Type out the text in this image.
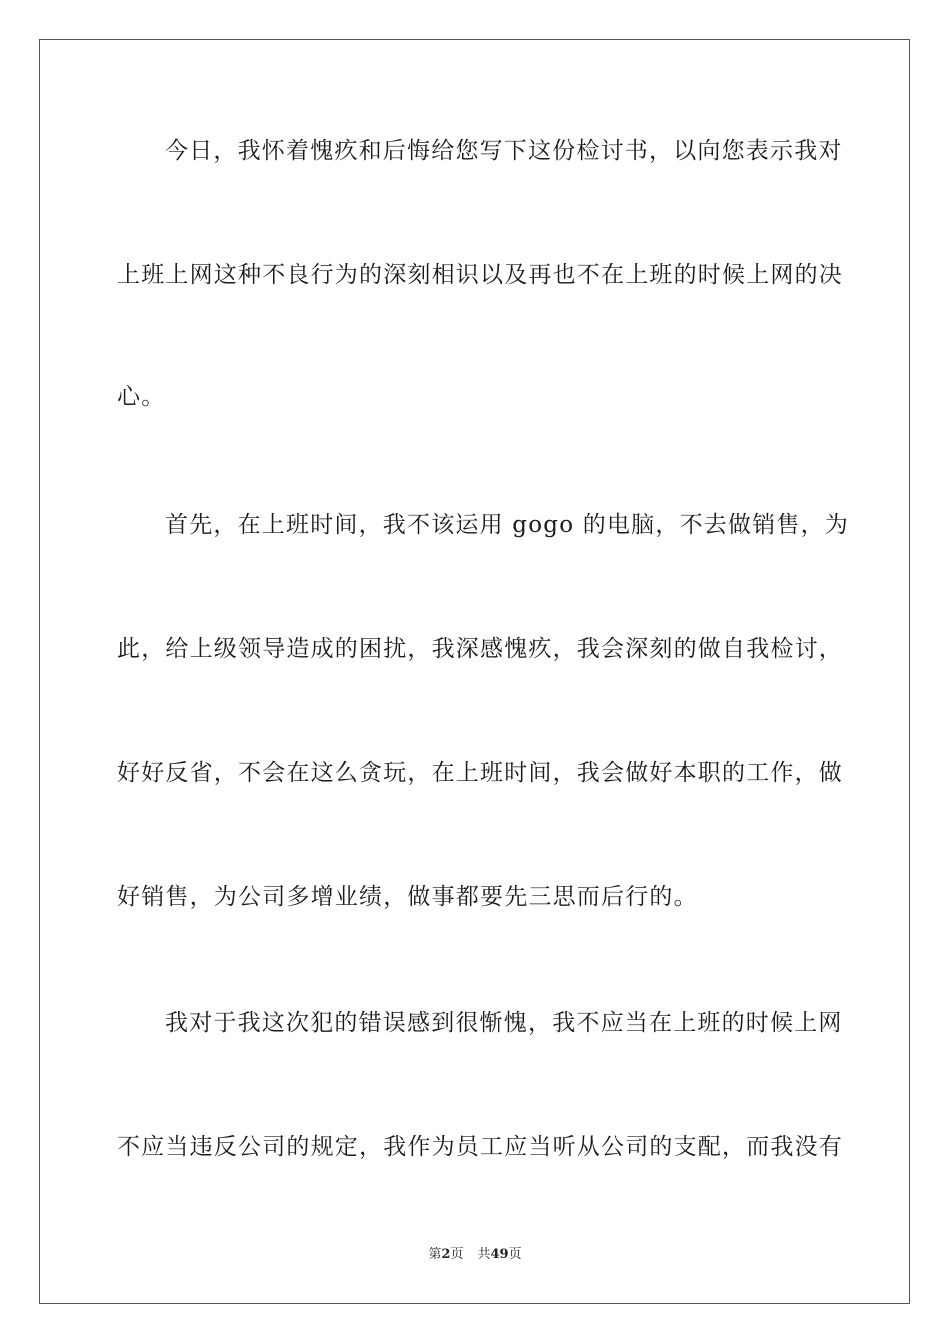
今日，我怀着愧疚和后悔给您写下这份检讨书，以向您表示我对
上班上网这种不良行为的深刻相识以及再也不在上班的时候上网的决
心。
首先，在上班时间，我不该运用 gogo 的电脑，不去做销售，为
此，给上级领导造成的困扰，我深感愧疚，我会深刻的做自我检讨，
好好反省，不会在这么贪玩，在上班时间，我会做好本职的工作，做
好销售，为公司多增业绩，做事都要先三思而后行的。
我对于我这次犯的错误感到很惭愧，我不应当在上班的时候上网
不应当违反公司的规定，我作为员工应当听从公司的支配，而我没有
第2页 共49页
